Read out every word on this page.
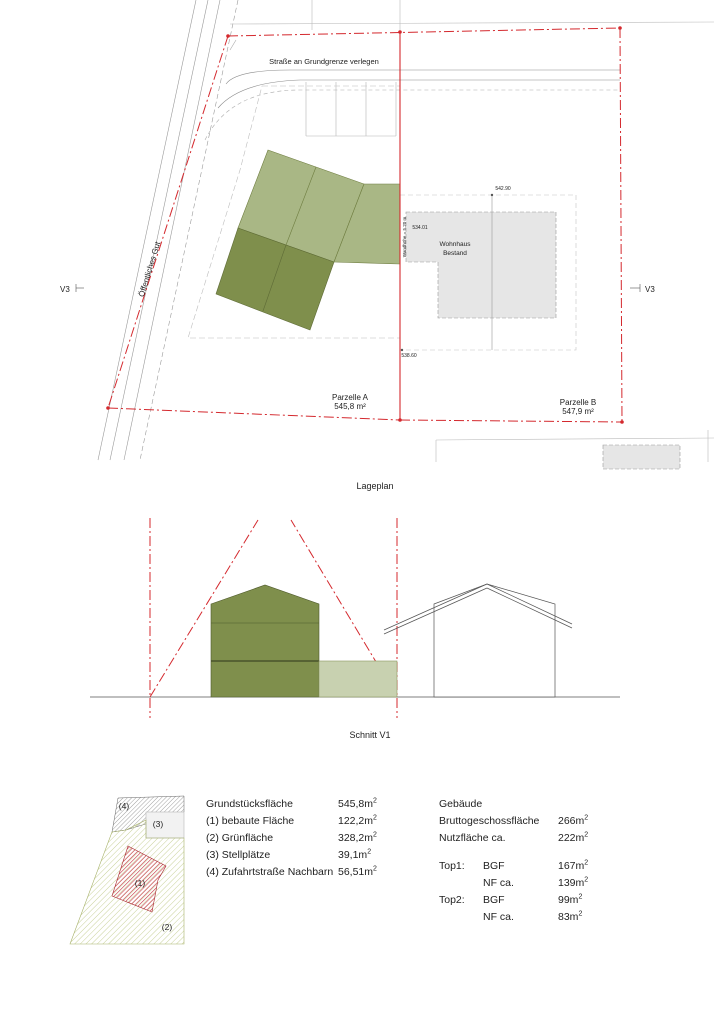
Straße an Grundgrenze verlegen
Öffentliches Gut
V3	V3
Wohnhaus
Bestand
542.90
534.01
538.60
Wandhöhe = 5.20 m
Parzelle A
545,8 m²	Parzelle B
547,9 m²
Lageplan
Schnitt V1
(4)
(3)
(1)
(2)
Grundstücksfläche	$545,8m^2$
(1) bebaute Fläche	$122,2m^2$
(2) Grünfläche	$328,2m^2$
(3) Stellplätze	$39,1m^2$
(4) Zufahrtstraße Nachbarn $56,51m^2$
Gebäude
Bruttogeschossfläche $266m^2$
Nutzfläche ca.	$222m^2$
Top1: BGF	$167m^2$
NF ca.	$139m^2$
Top2: BGF	$99m^2$
NF ca.	$83m^2$
